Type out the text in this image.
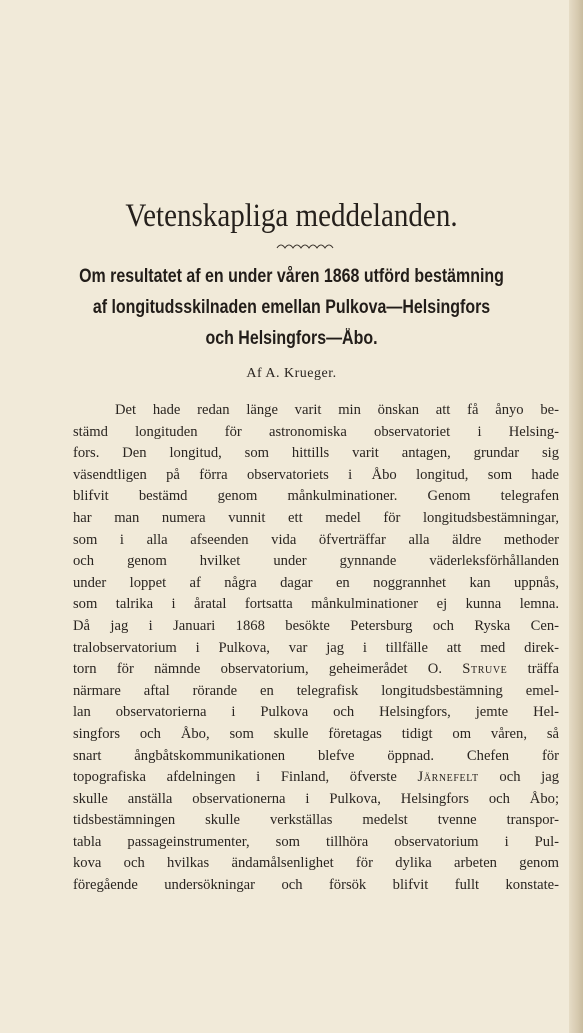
Vetenskapliga meddelanden.
Om resultatet af en under våren 1868 utförd bestämning
af longitudsskilnaden emellan Pulkova—Helsingfors
och Helsingfors—Åbo.
Af A. Krueger.
Det hade redan länge varit min önskan att få ånyo be-
stämd longituden för astronomiska observatoriet i Helsing-
fors. Den longitud, som hittills varit antagen, grundar sig
väsendtligen på förra observatoriets i Åbo longitud, som hade
blifvit bestämd genom månkulminationer. Genom telegrafen
har man numera vunnit ett medel för longitudsbestämningar,
som i alla afseenden vida öfverträffar alla äldre methoder
och genom hvilket under gynnande väderleksförhållanden
under loppet af några dagar en noggrannhet kan uppnås,
som talrika i åratal fortsatta månkulminationer ej kunna lemna.
Då jag i Januari 1868 besökte Petersburg och Ryska Cen-
tralobservatorium i Pulkova, var jag i tillfälle att med direk-
torn för nämnde observatorium, geheimerådet O. Struve träffa
närmare aftal rörande en telegrafisk longitudsbestämning emel-
lan observatorierna i Pulkova och Helsingfors, jemte Hel-
singfors och Åbo, som skulle företagas tidigt om våren, så
snart ångbåtskommunikationen blefve öppnad. Chefen för
topografiska afdelningen i Finland, öfverste Järnefelt och jag
skulle anställa observationerna i Pulkova, Helsingfors och Åbo;
tidsbestämningen skulle verkställas medelst tvenne transpor-
tabla passageinstrumenter, som tillhöra observatorium i Pul-
kova och hvilkas ändamålsenlighet för dylika arbeten genom
föregående undersökningar och försök blifvit fullt konstate-
